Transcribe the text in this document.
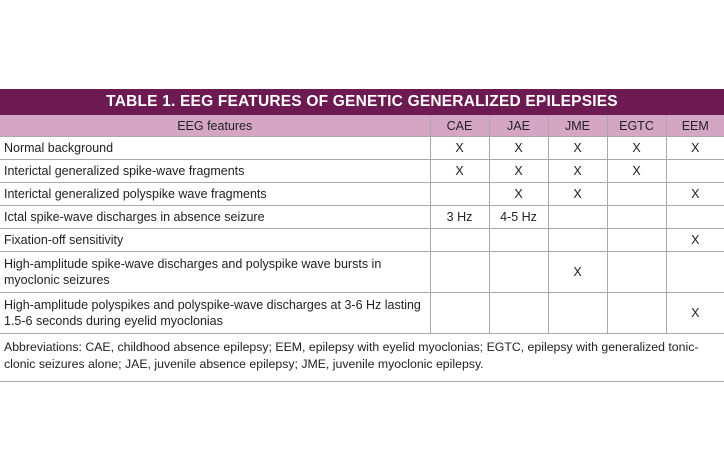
TABLE 1. EEG FEATURES OF GENETIC GENERALIZED EPILEPSIES
EEG features	CAE	JAE	JME	EGTC	EEM
Normal background	X	X	X	X	X
Interictal generalized spike-wave fragments	X	X	X	X	
Interictal generalized polyspike wave fragments		X	X		X
Ictal spike-wave discharges in absence seizure	3 Hz	4-5 Hz			
Fixation-off sensitivity					X
High-amplitude spike-wave discharges and polyspike wave bursts in myoclonic seizures			X		
High-amplitude polyspikes and polyspike-wave discharges at 3-6 Hz lasting 1.5-6 seconds during eyelid myoclonias					X
Abbreviations: CAE, childhood absence epilepsy; EEM, epilepsy with eyelid myoclonias; EGTC, epilepsy with generalized tonic-clonic seizures alone; JAE, juvenile absence epilepsy; JME, juvenile myoclonic epilepsy.
